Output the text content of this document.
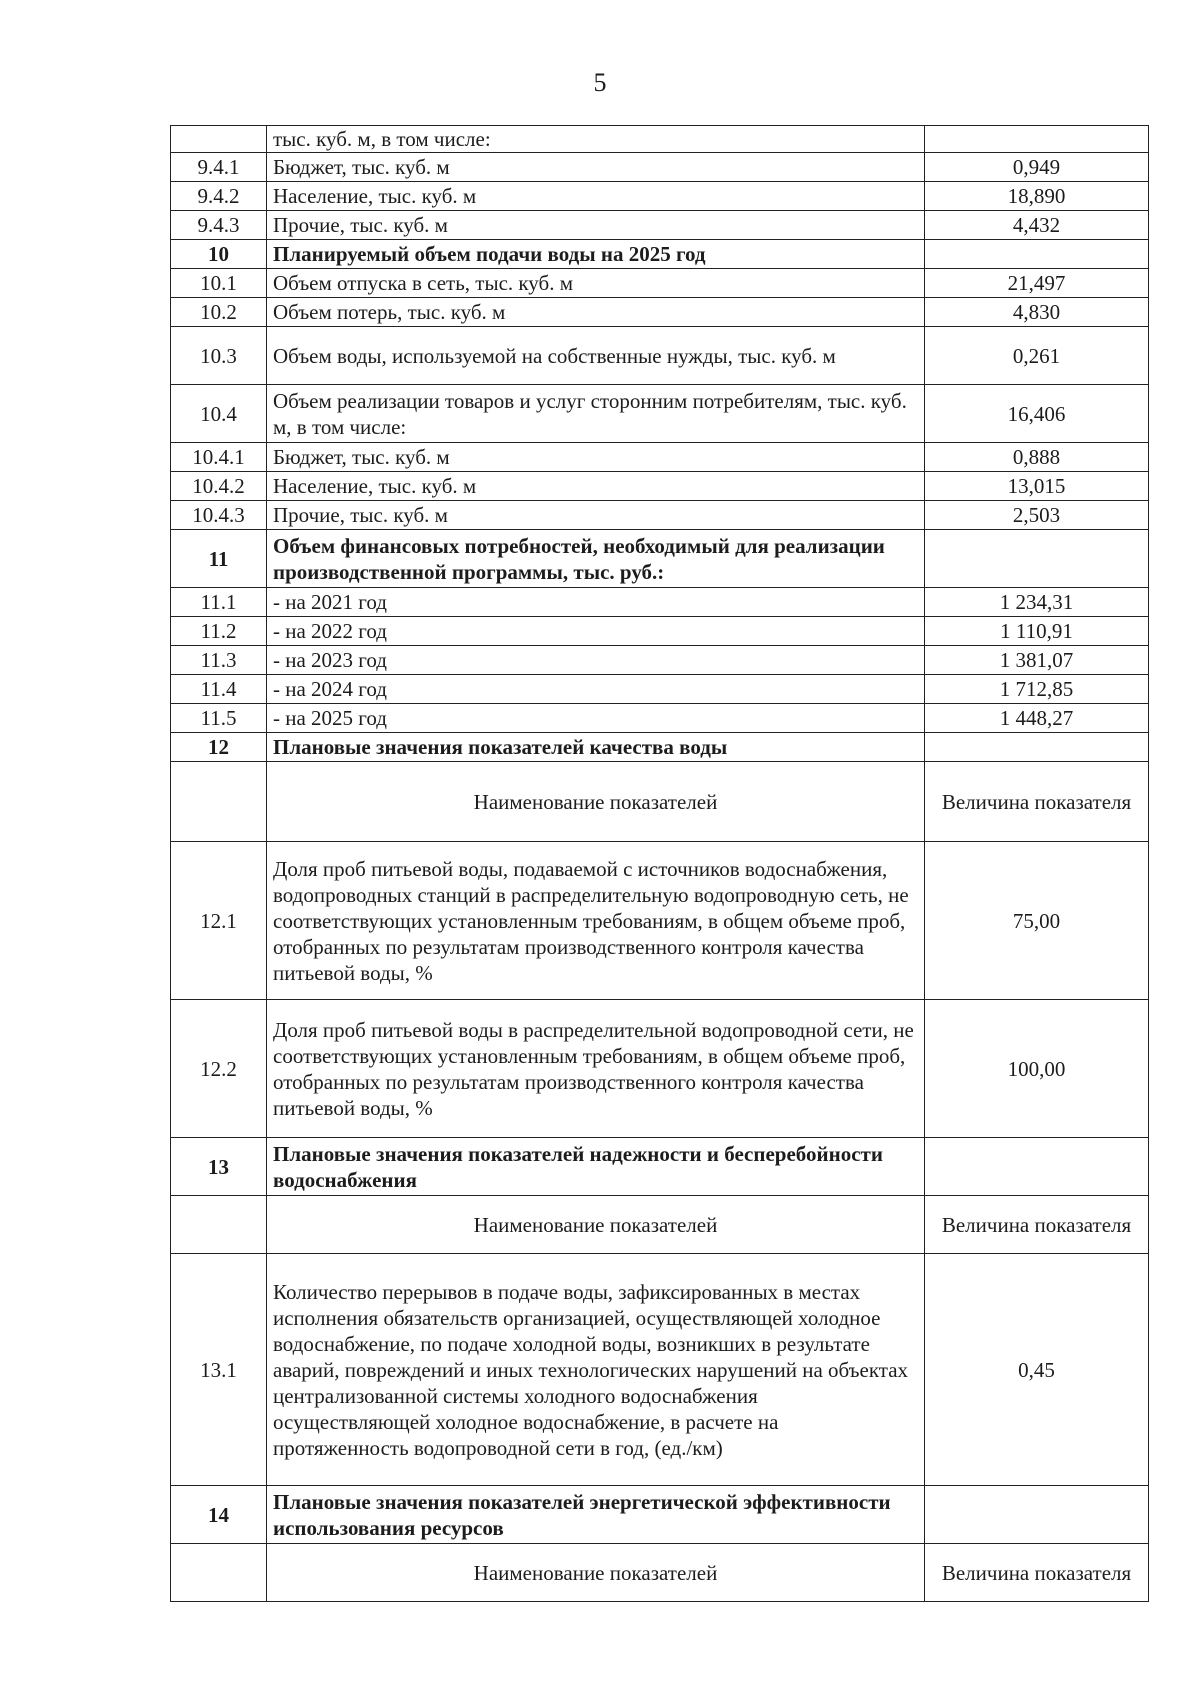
5
	тыс. куб. м, в том числе:	
9.4.1	Бюджет, тыс. куб. м	0,949
9.4.2	Население, тыс. куб. м	18,890
9.4.3	Прочие, тыс. куб. м	4,432
10	Планируемый объем подачи воды на 2025 год	
10.1	Объем отпуска в сеть, тыс. куб. м	21,497
10.2	Объем потерь, тыс. куб. м	4,830
10.3	Объем воды, используемой на собственные нужды, тыс. куб. м	0,261
10.4	Объем реализации товаров и услуг сторонним потребителям, тыс. куб. м, в том числе:	16,406
10.4.1	Бюджет, тыс. куб. м	0,888
10.4.2	Население, тыс. куб. м	13,015
10.4.3	Прочие, тыс. куб. м	2,503
11	Объем финансовых потребностей, необходимый для реализации производственной программы, тыс. руб.:	
11.1	- на 2021 год	1 234,31
11.2	- на 2022 год	1 110,91
11.3	- на 2023 год	1 381,07
11.4	- на 2024 год	1 712,85
11.5	- на 2025 год	1 448,27
12	Плановые значения показателей качества воды	
	Наименование показателей	Величина показателя
12.1	Доля проб питьевой воды, подаваемой с источников водоснабжения, водопроводных станций в распределительную водопроводную сеть, не соответствующих установленным требованиям, в общем объеме проб, отобранных по результатам производственного контроля качества питьевой воды, %	75,00
12.2	Доля проб питьевой воды в распределительной водопроводной сети, не соответствующих установленным требованиям, в общем объеме проб, отобранных по результатам производственного контроля качества питьевой воды, %	100,00
13	Плановые значения показателей надежности и бесперебойности водоснабжения	
	Наименование показателей	Величина показателя
13.1	Количество перерывов в подаче воды, зафиксированных в местах исполнения обязательств организацией, осуществляющей холодное водоснабжение, по подаче холодной воды, возникших в результате аварий, повреждений и иных технологических нарушений на объектах централизованной системы холодного водоснабжения осуществляющей холодное водоснабжение, в расчете на протяженность водопроводной сети в год, (ед./км)	0,45
14	Плановые значения показателей энергетической эффективности использования ресурсов	
	Наименование показателей	Величина показателя
